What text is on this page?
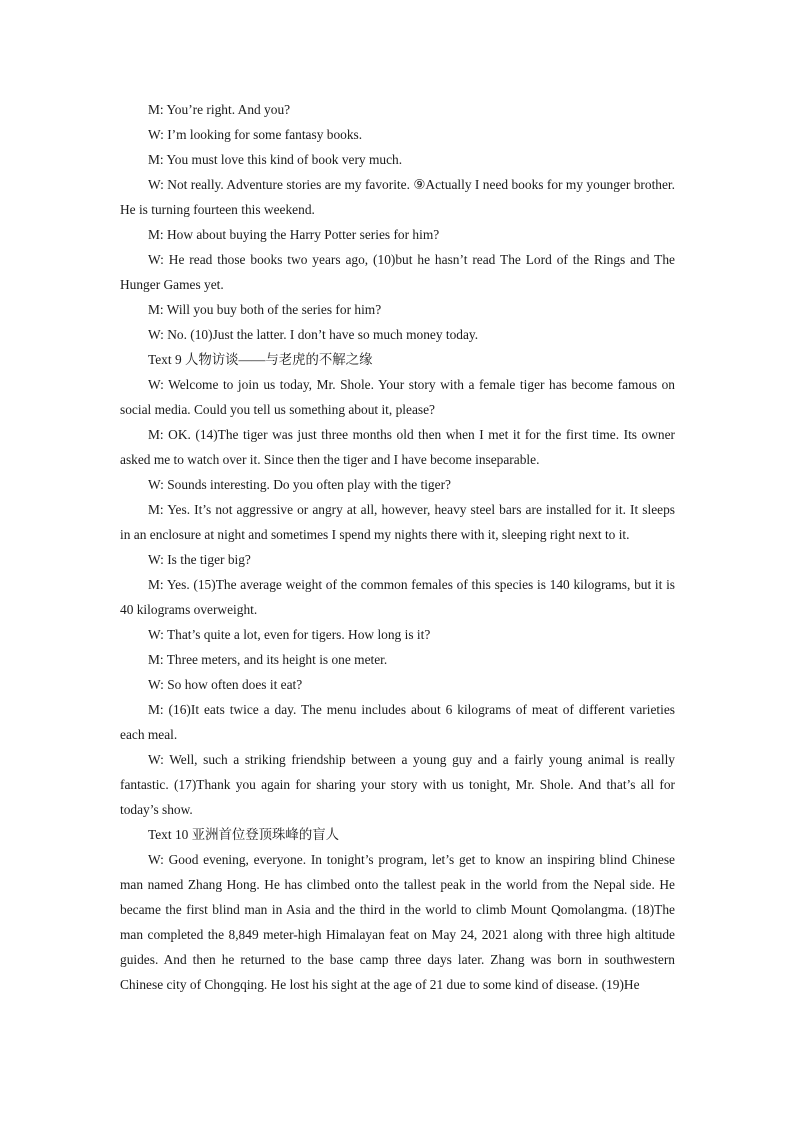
M: You’re right. And you?

W: I’m looking for some fantasy books.

M: You must love this kind of book very much.

W: Not really. Adventure stories are my favorite. ⑨Actually I need books for my younger brother. He is turning fourteen this weekend.

M: How about buying the Harry Potter series for him?

W: He read those books two years ago, (10)but he hasn’t read The Lord of the Rings and The Hunger Games yet.

M: Will you buy both of the series for him?

W: No. (10)Just the latter. I don’t have so much money today.

Text 9 人物访谈——与老虎的不解之缘

W: Welcome to join us today, Mr. Shole. Your story with a female tiger has become famous on social media. Could you tell us something about it, please?

M: OK. (14)The tiger was just three months old then when I met it for the first time. Its owner asked me to watch over it. Since then the tiger and I have become inseparable.

W: Sounds interesting. Do you often play with the tiger?

M: Yes. It’s not aggressive or angry at all, however, heavy steel bars are installed for it. It sleeps in an enclosure at night and sometimes I spend my nights there with it, sleeping right next to it.

W: Is the tiger big?

M: Yes. (15)The average weight of the common females of this species is 140 kilograms, but it is 40 kilograms overweight.

W: That’s quite a lot, even for tigers. How long is it?

M: Three meters, and its height is one meter.

W: So how often does it eat?

M: (16)It eats twice a day. The menu includes about 6 kilograms of meat of different varieties each meal.

W: Well, such a striking friendship between a young guy and a fairly young animal is really fantastic. (17)Thank you again for sharing your story with us tonight, Mr. Shole. And that’s all for today’s show.

Text 10 亚洲首位登顶珠峰的盲人

W: Good evening, everyone. In tonight’s program, let’s get to know an inspiring blind Chinese man named Zhang Hong. He has climbed onto the tallest peak in the world from the Nepal side. He became the first blind man in Asia and the third in the world to climb Mount Qomolangma. (18)The man completed the 8,849 meter-high Himalayan feat on May 24, 2021 along with three high altitude guides. And then he returned to the base camp three days later. Zhang was born in southwestern Chinese city of Chongqing. He lost his sight at the age of 21 due to some kind of disease. (19)He
